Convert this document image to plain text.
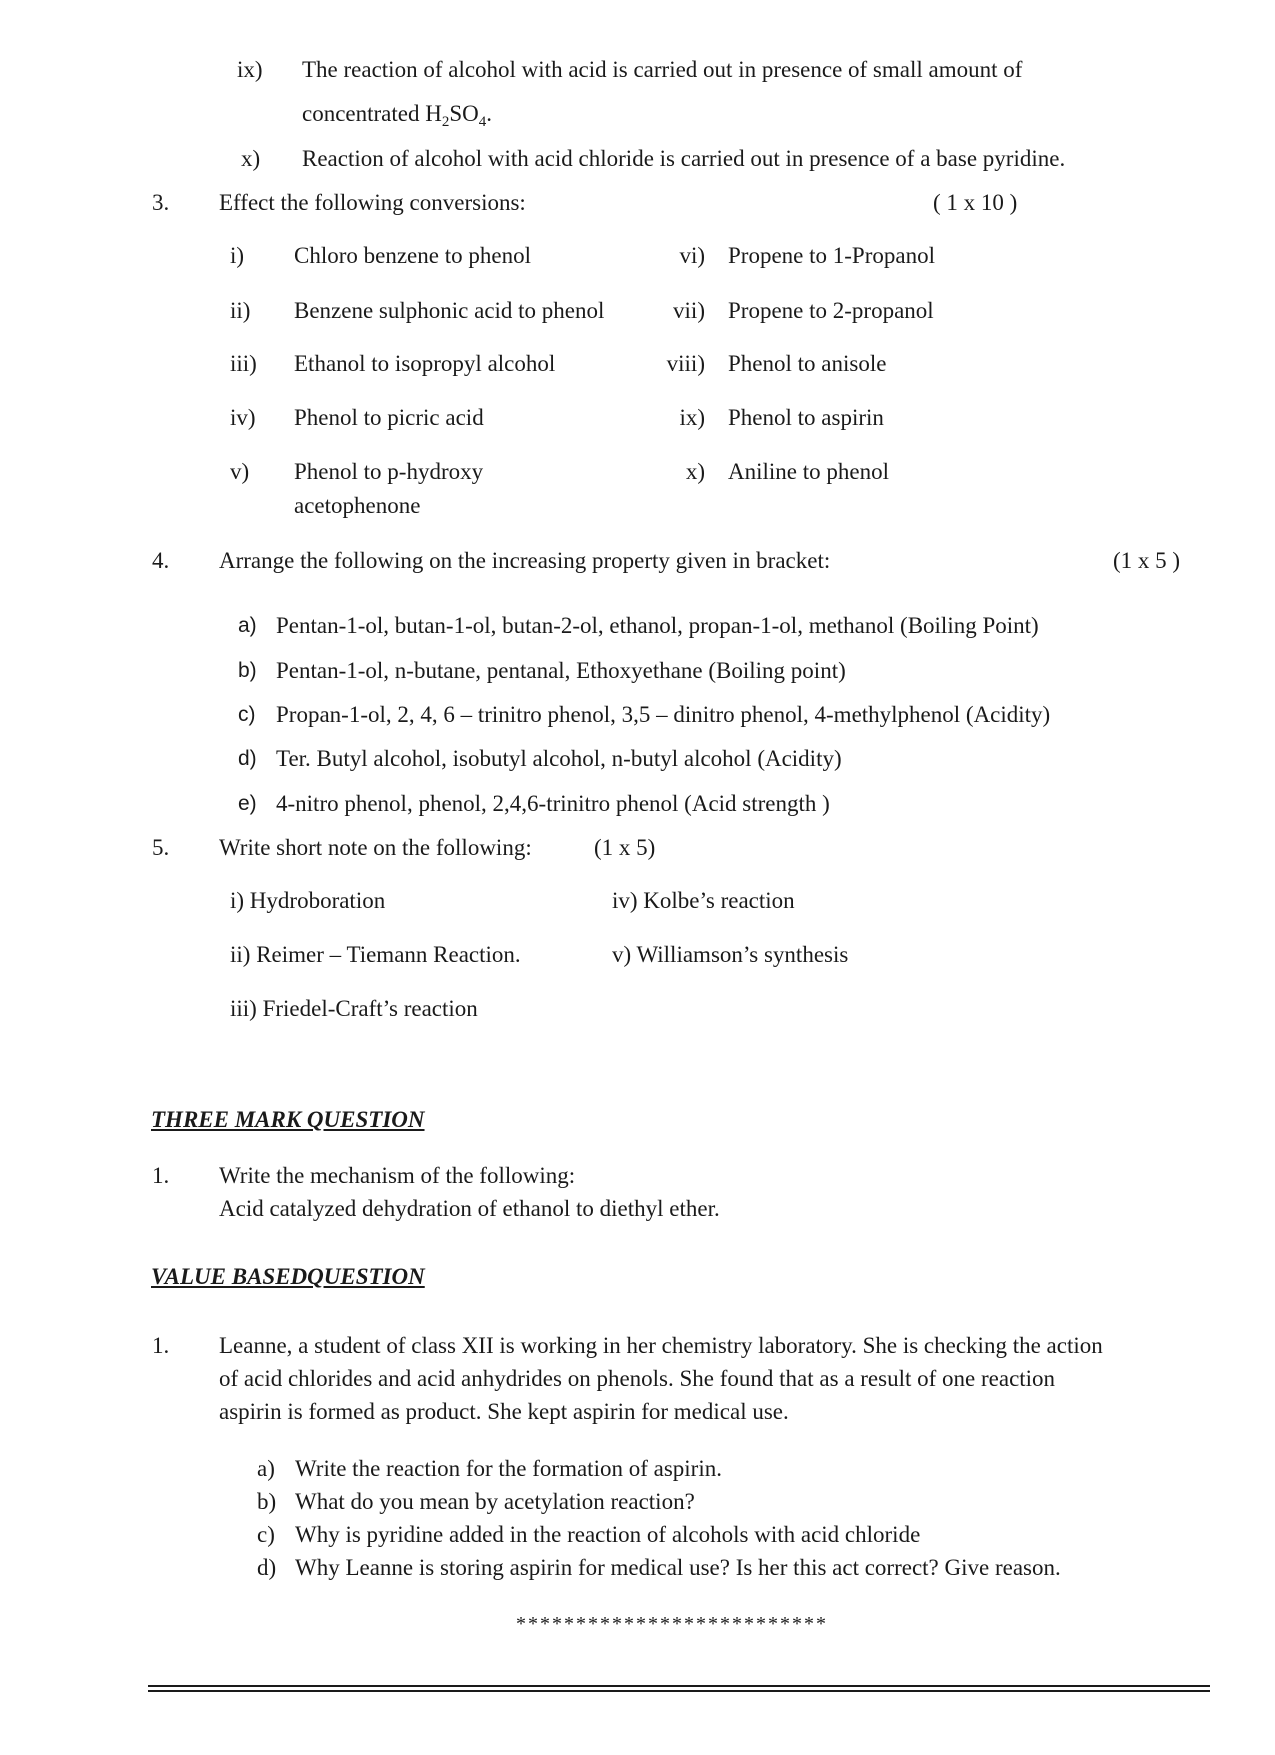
ix) The reaction of alcohol with acid is carried out in presence of small amount of
concentrated $H_2SO_4$.
x) Reaction of alcohol with acid chloride is carried out in presence of a base pyridine.
3. Effect the following conversions:	( 1 x 10 )
i) Chloro benzene to phenol
ii) Benzene sulphonic acid to phenol
iii) Ethanol to isopropyl alcohol
iv) Phenol to picric acid
v) Phenol to p-hydroxy
acetophenone
vi) Propene to 1-Propanol
vii) Propene to 2-propanol
viii) Phenol to anisole
ix) Phenol to aspirin
x) Aniline to phenol
4. Arrange the following on the increasing property given in bracket:	(1 x 5 )
a) Pentan-1-ol, butan-1-ol, butan-2-ol, ethanol, propan-1-ol, methanol (Boiling Point)
b) Pentan-1-ol, n-butane, pentanal, Ethoxyethane (Boiling point)
c) Propan-1-ol, 2, 4, 6 – trinitro phenol, 3,5 – dinitro phenol, 4-methylphenol (Acidity)
d) Ter. Butyl alcohol, isobutyl alcohol, n-butyl alcohol (Acidity)
e) 4-nitro phenol, phenol, 2,4,6-trinitro phenol (Acid strength )
5. Write short note on the following:	(1 x 5)
i) Hydroboration
ii) Reimer – Tiemann Reaction.
iii) Friedel-Craft’s reaction
iv) Kolbe’s reaction
v) Williamson’s synthesis
THREE MARK QUESTION
1. Write the mechanism of the following:
Acid catalyzed dehydration of ethanol to diethyl ether.
VALUE BASEDQUESTION
1. Leanne, a student of class XII is working in her chemistry laboratory. She is checking the action
of acid chlorides and acid anhydrides on phenols. She found that as a result of one reaction
aspirin is formed as product. She kept aspirin for medical use.
a) Write the reaction for the formation of aspirin.
b) What do you mean by acetylation reaction?
c) Why is pyridine added in the reaction of alcohols with acid chloride
d) Why Leanne is storing aspirin for medical use? Is her this act correct? Give reason.
**************************
